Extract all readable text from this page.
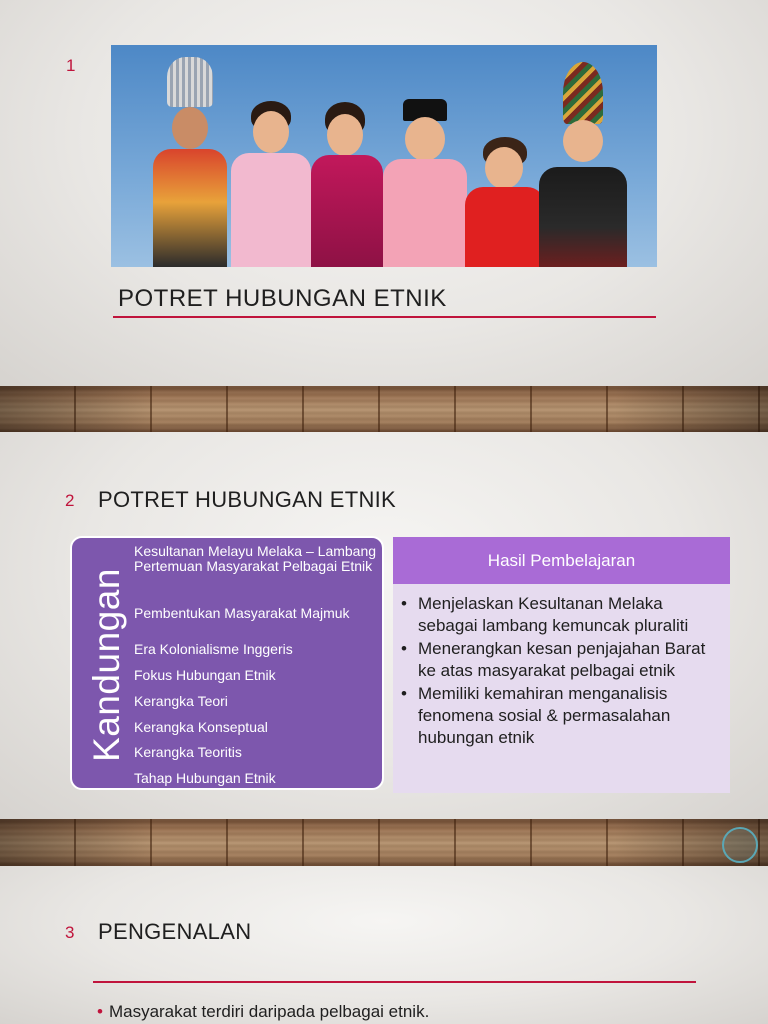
1
POTRET HUBUNGAN ETNIK
2 POTRET HUBUNGAN ETNIK
Kandungan
Kesultanan Melayu Melaka – Lambang Pertemuan Masyarakat Pelbagai Etnik
Pembentukan Masyarakat Majmuk
Era Kolonialisme Inggeris
Fokus Hubungan Etnik
Kerangka Teori
Kerangka Konseptual
Kerangka Teoritis
Tahap Hubungan Etnik
Hasil Pembelajaran
• Menjelaskan Kesultanan Melaka sebagai lambang kemuncak pluraliti
• Menerangkan kesan penjajahan Barat ke atas masyarakat pelbagai etnik
• Memiliki kemahiran menganalisis fenomena sosial & permasalahan hubungan etnik
3 PENGENALAN
• Masyarakat terdiri daripada pelbagai etnik.
